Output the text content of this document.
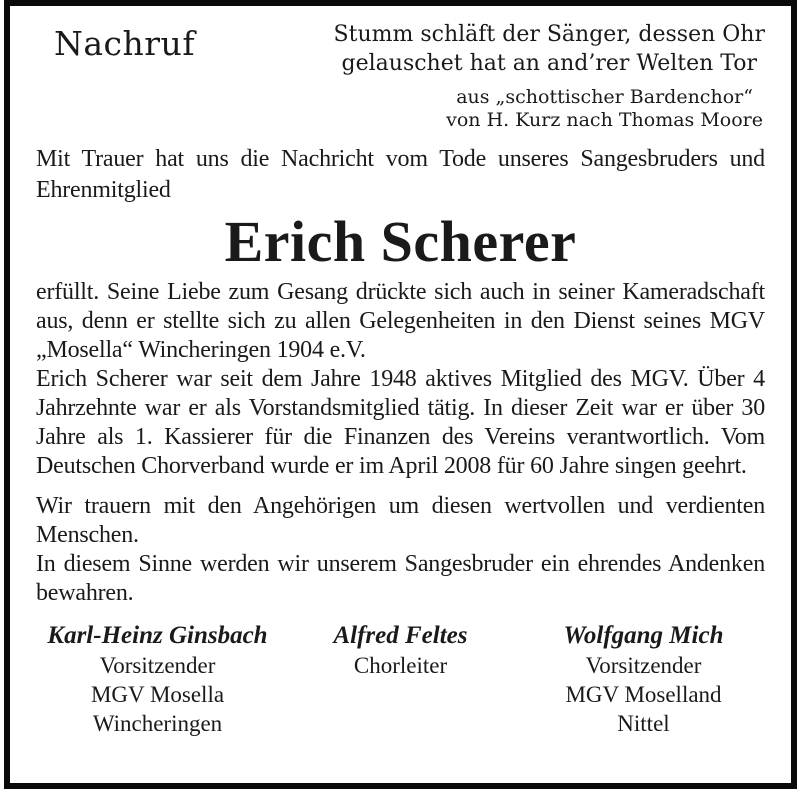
Nachruf	Stumm schläft der Sänger, dessen Ohr
gelauschet hat an and’rer Welten Tor
aus „schottischer Bardenchor“
von H. Kurz nach Thomas Moore

Mit Trauer hat uns die Nachricht vom Tode unseres Sangesbruders und Ehrenmitglied

Erich Scherer

erfüllt. Seine Liebe zum Gesang drückte sich auch in seiner Kameradschaft aus, denn er stellte sich zu allen Gelegenheiten in den Dienst seines MGV „Mosella“ Wincheringen 1904 e.V.

Erich Scherer war seit dem Jahre 1948 aktives Mitglied des MGV. Über 4 Jahrzehnte war er als Vorstandsmitglied tätig. In dieser Zeit war er über 30 Jahre als 1. Kassierer für die Finanzen des Vereins verantwortlich. Vom Deutschen Chorverband wurde er im April 2008 für 60 Jahre singen geehrt.

Wir trauern mit den Angehörigen um diesen wertvollen und verdienten Menschen.

In diesem Sinne werden wir unserem Sangesbruder ein ehrendes Andenken bewahren.

Karl-Heinz Ginsbach
Vorsitzender
MGV Mosella
Wincheringen
Alfred Feltes
Chorleiter
Wolfgang Mich
Vorsitzender
MGV Moselland
Nittel
